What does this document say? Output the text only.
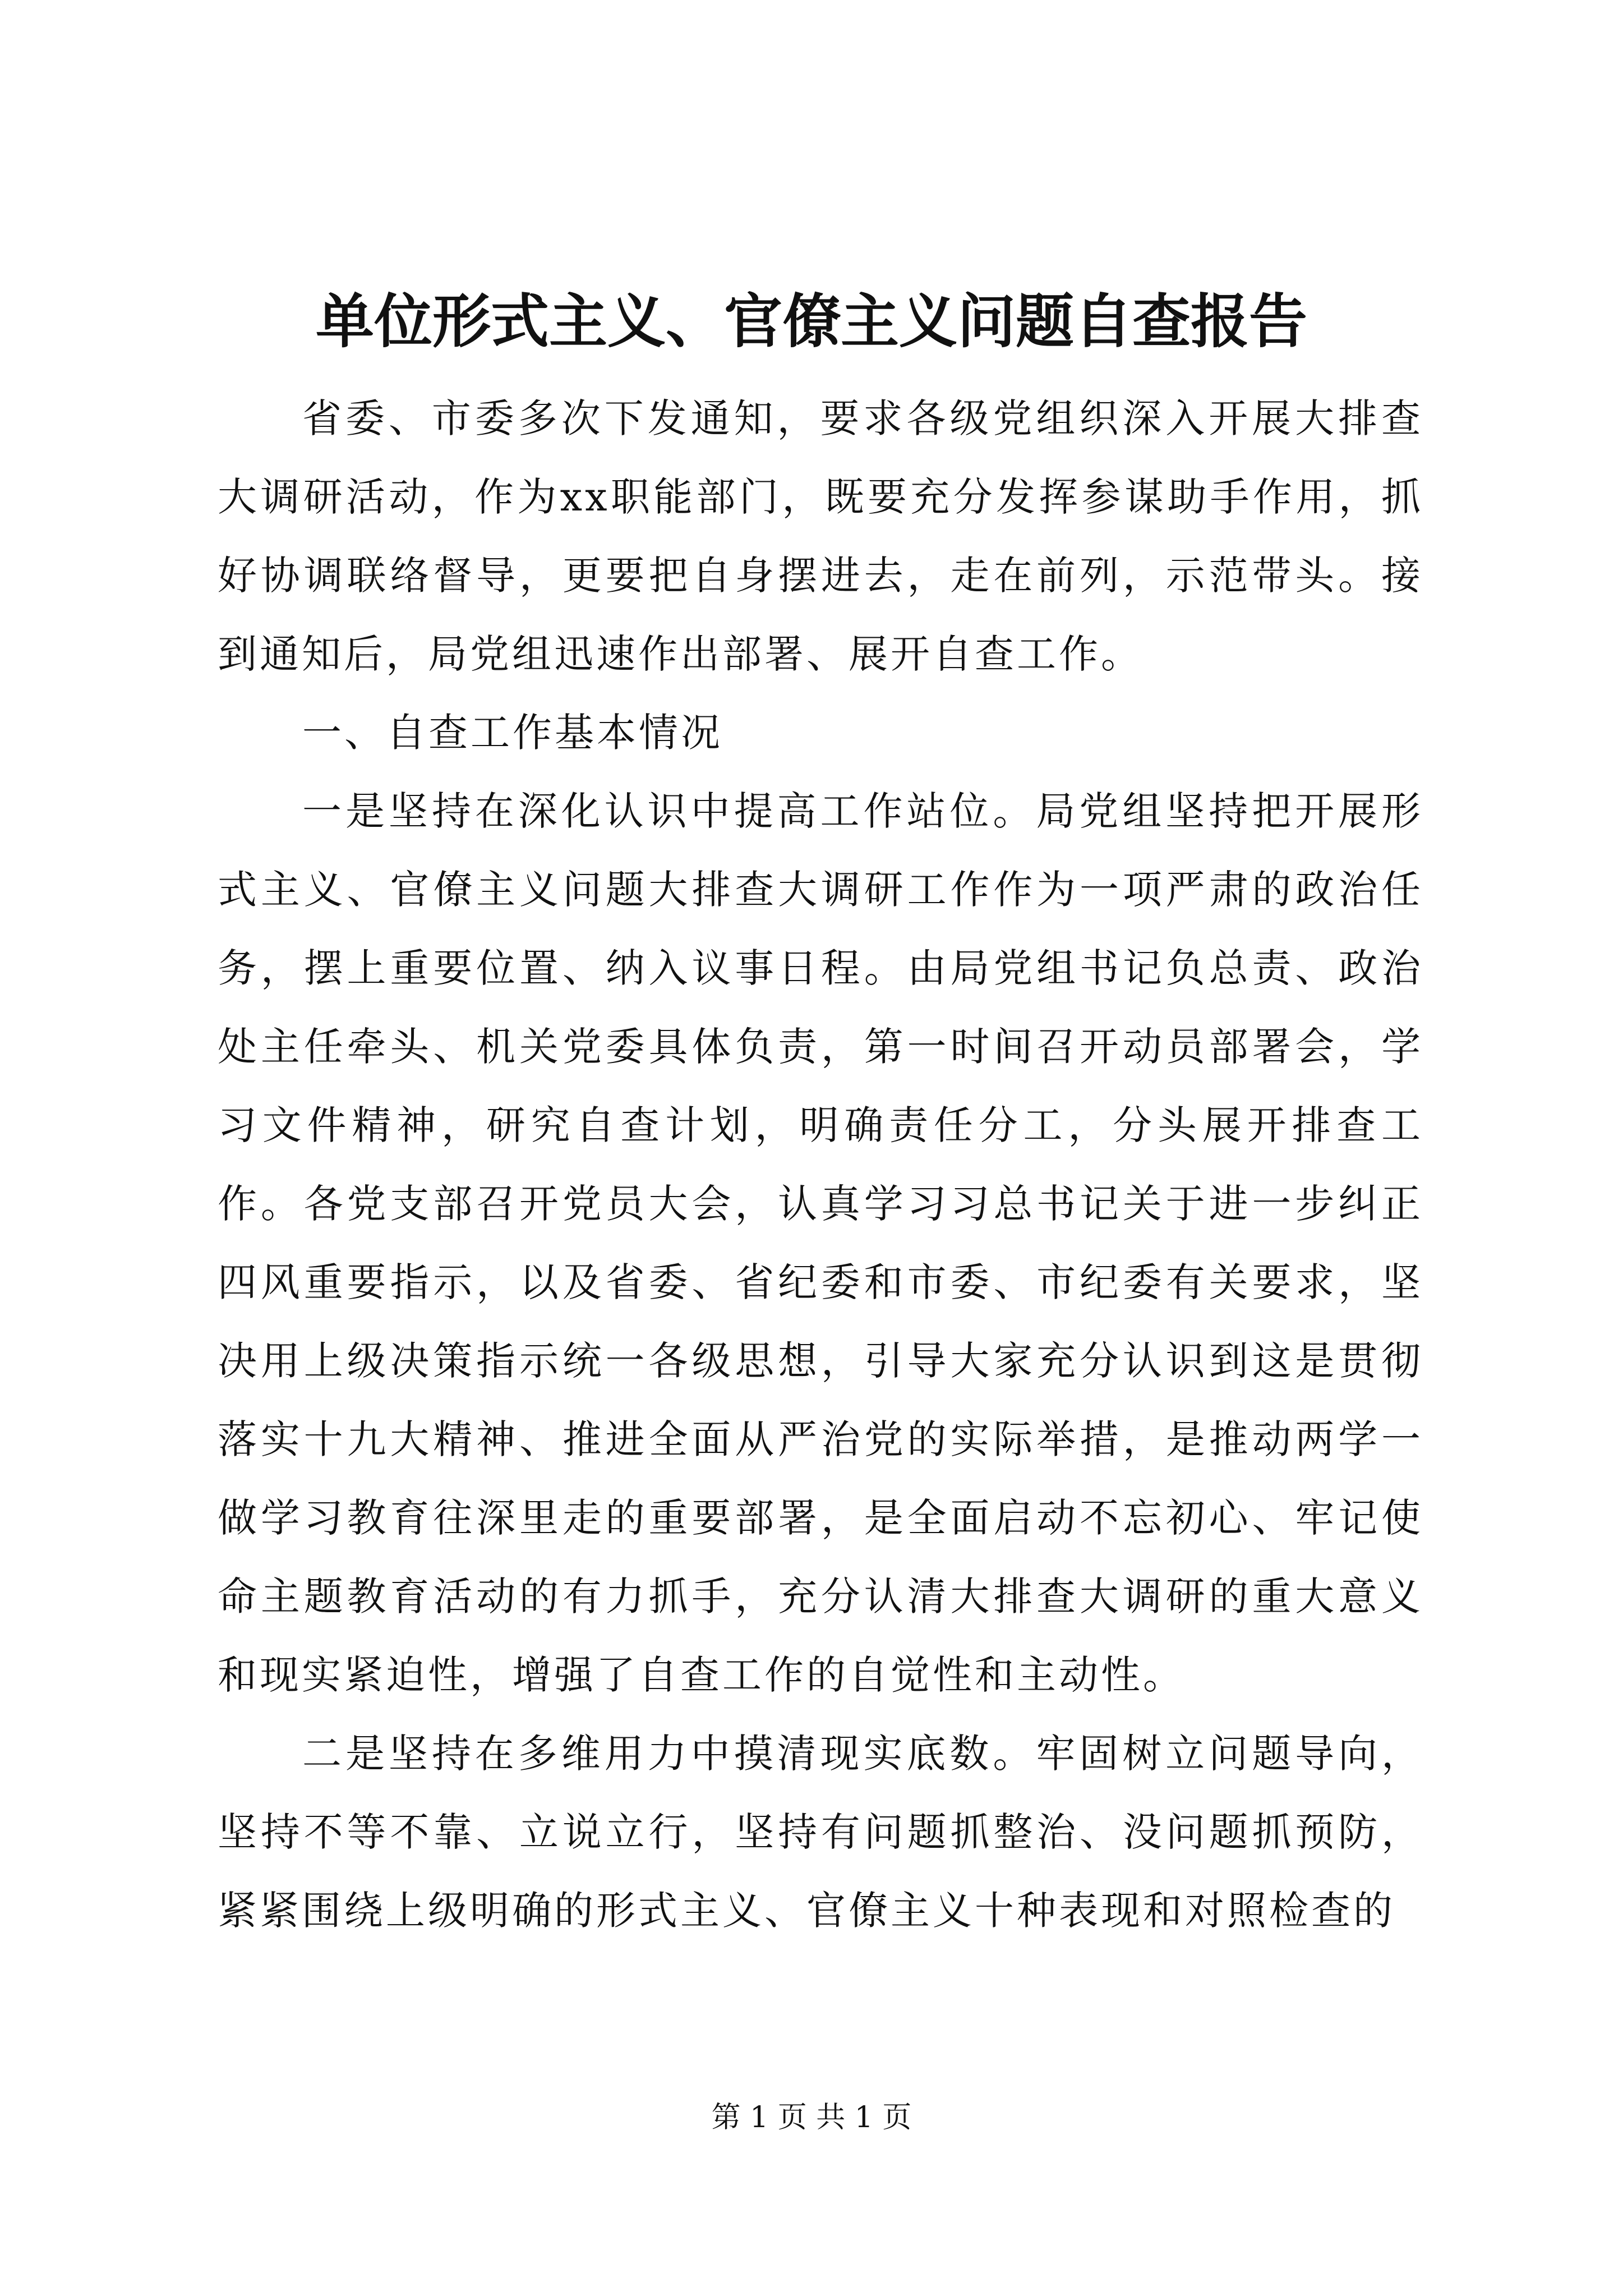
单位形式主义、官僚主义问题自查报告

省委、市委多次下发通知，要求各级党组织深入开展大排查大调研活动，作为xx职能部门，既要充分发挥参谋助手作用，抓好协调联络督导，更要把自身摆进去，走在前列，示范带头。接到通知后，局党组迅速作出部署、展开自查工作。

一、自查工作基本情况

一是坚持在深化认识中提高工作站位。局党组坚持把开展形式主义、官僚主义问题大排查大调研工作作为一项严肃的政治任务，摆上重要位置、纳入议事日程。由局党组书记负总责、政治处主任牵头、机关党委具体负责，第一时间召开动员部署会，学习文件精神，研究自查计划，明确责任分工，分头展开排查工作。各党支部召开党员大会，认真学习习总书记关于进一步纠正四风重要指示，以及省委、省纪委和市委、市纪委有关要求，坚决用上级决策指示统一各级思想，引导大家充分认识到这是贯彻落实十九大精神、推进全面从严治党的实际举措，是推动两学一做学习教育往深里走的重要部署，是全面启动不忘初心、牢记使命主题教育活动的有力抓手，充分认清大排查大调研的重大意义和现实紧迫性，增强了自查工作的自觉性和主动性。

二是坚持在多维用力中摸清现实底数。牢固树立问题导向，坚持不等不靠、立说立行，坚持有问题抓整治、没问题抓预防，紧紧围绕上级明确的形式主义、官僚主义十种表现和对照检查的

第 1 页 共 1 页
